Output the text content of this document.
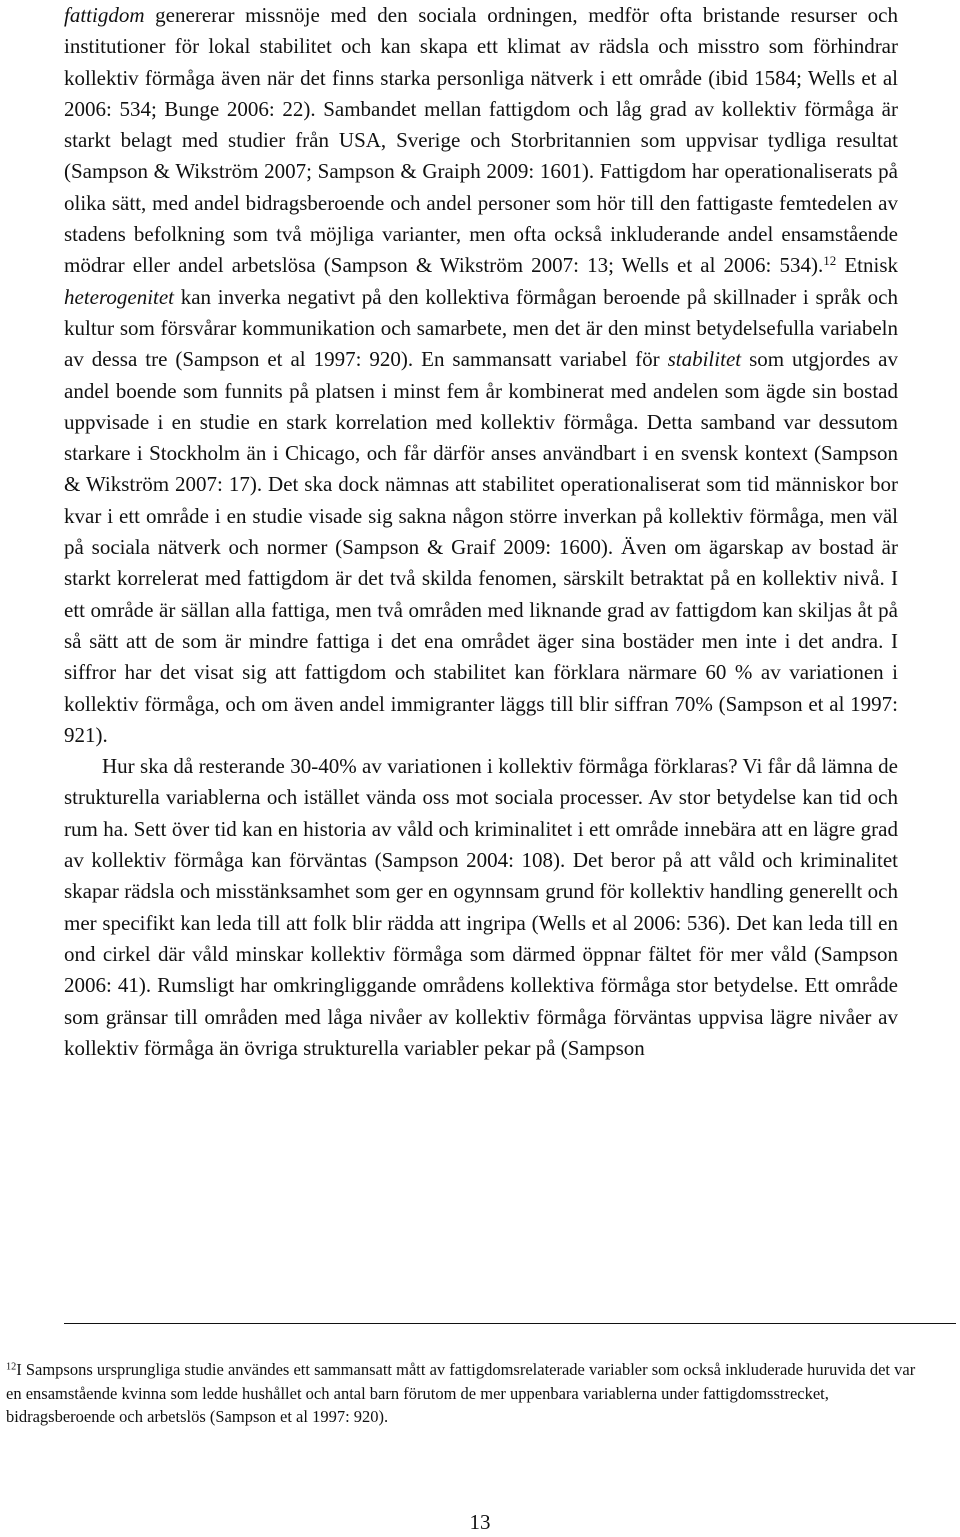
fattigdom genererar missnöje med den sociala ordningen, medför ofta bristande resurser och institutioner för lokal stabilitet och kan skapa ett klimat av rädsla och misstro som förhindrar kollektiv förmåga även när det finns starka personliga nätverk i ett område (ibid 1584; Wells et al 2006: 534; Bunge 2006: 22). Sambandet mellan fattigdom och låg grad av kollektiv förmåga är starkt belagt med studier från USA, Sverige och Storbritannien som uppvisar tydliga resultat (Sampson & Wikström 2007; Sampson & Graiph 2009: 1601). Fattigdom har operationaliserats på olika sätt, med andel bidragsberoende och andel personer som hör till den fattigaste femtedelen av stadens befolkning som två möjliga varianter, men ofta också inkluderande andel ensamstående mödrar eller andel arbetslösa (Sampson & Wikström 2007: 13; Wells et al 2006: 534).$^{12}$ Etnisk heterogenitet kan inverka negativt på den kollektiva förmågan beroende på skillnader i språk och kultur som försvårar kommunikation och samarbete, men det är den minst betydelsefulla variabeln av dessa tre (Sampson et al 1997: 920). En sammansatt variabel för stabilitet som utgjordes av andel boende som funnits på platsen i minst fem år kombinerat med andelen som ägde sin bostad uppvisade i en studie en stark korrelation med kollektiv förmåga. Detta samband var dessutom starkare i Stockholm än i Chicago, och får därför anses användbart i en svensk kontext (Sampson & Wikström 2007: 17). Det ska dock nämnas att stabilitet operationaliserat som tid människor bor kvar i ett område i en studie visade sig sakna någon större inverkan på kollektiv förmåga, men väl på sociala nätverk och normer (Sampson & Graif 2009: 1600). Även om ägarskap av bostad är starkt korrelerat med fattigdom är det två skilda fenomen, särskilt betraktat på en kollektiv nivå. I ett område är sällan alla fattiga, men två områden med liknande grad av fattigdom kan skiljas åt på så sätt att de som är mindre fattiga i det ena området äger sina bostäder men inte i det andra. I siffror har det visat sig att fattigdom och stabilitet kan förklara närmare 60 % av variationen i kollektiv förmåga, och om även andel immigranter läggs till blir siffran 70% (Sampson et al 1997: 921).

Hur ska då resterande 30-40% av variationen i kollektiv förmåga förklaras? Vi får då lämna de strukturella variablerna och istället vända oss mot sociala processer. Av stor betydelse kan tid och rum ha. Sett över tid kan en historia av våld och kriminalitet i ett område innebära att en lägre grad av kollektiv förmåga kan förväntas (Sampson 2004: 108). Det beror på att våld och kriminalitet skapar rädsla och misstänksamhet som ger en ogynnsam grund för kollektiv handling generellt och mer specifikt kan leda till att folk blir rädda att ingripa (Wells et al 2006: 536). Det kan leda till en ond cirkel där våld minskar kollektiv förmåga som därmed öppnar fältet för mer våld (Sampson 2006: 41). Rumsligt har omkringliggande områdens kollektiva förmåga stor betydelse. Ett område som gränsar till områden med låga nivåer av kollektiv förmåga förväntas uppvisa lägre nivåer av kollektiv förmåga än övriga strukturella variabler pekar på (Sampson

$^{12}$I Sampsons ursprungliga studie användes ett sammansatt mått av fattigdomsrelaterade variabler som också inkluderade huruvida det var en ensamstående kvinna som ledde hushållet och antal barn förutom de mer uppenbara variablerna under fattigdomsstrecket, bidragsberoende och arbetslös (Sampson et al 1997: 920).

13
